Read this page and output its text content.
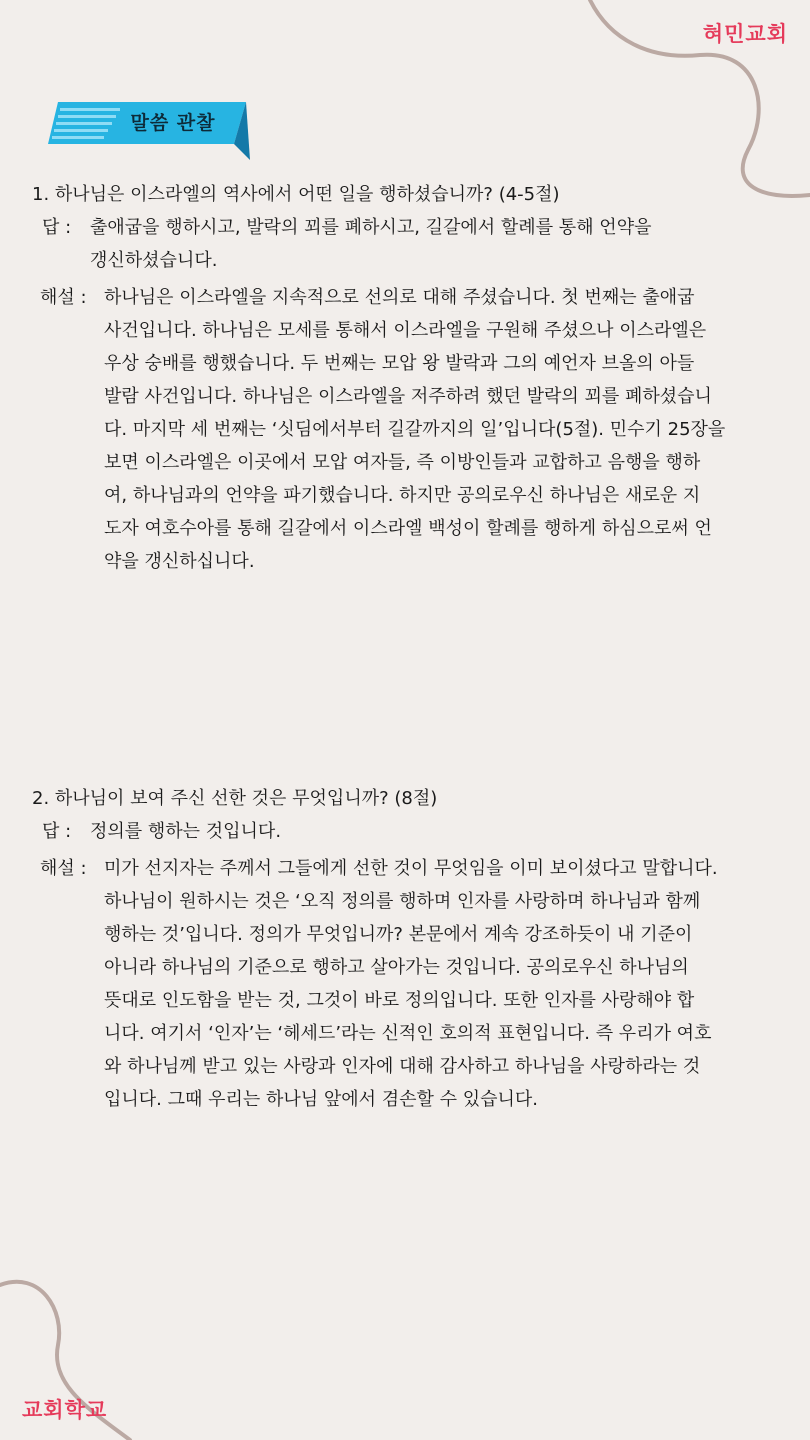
혀민교회
말씀 관찰

1. 하나님은 이스라엘의 역사에서 어떤 일을 행하셨습니까? (4-5절)

답 :	출애굽을 행하시고, 발락의 꾀를 폐하시고, 길갈에서 할례를 통해 언약을
갱신하셨습니다.
해설 : 하나님은 이스라엘을 지속적으로 선의로 대해 주셨습니다. 첫 번째는 출애굽
사건입니다. 하나님은 모세를 통해서 이스라엘을 구원해 주셨으나 이스라엘은
우상 숭배를 행했습니다. 두 번째는 모압 왕 발락과 그의 예언자 브올의 아들
발람 사건입니다. 하나님은 이스라엘을 저주하려 했던 발락의 꾀를 폐하셨습니
다. 마지막 세 번째는 ‘싯딤에서부터 길갈까지의 일’입니다(5절). 민수기 25장을
보면 이스라엘은 이곳에서 모압 여자들, 즉 이방인들과 교합하고 음행을 행하
여, 하나님과의 언약을 파기했습니다. 하지만 공의로우신 하나님은 새로운 지
도자 여호수아를 통해 길갈에서 이스라엘 백성이 할례를 행하게 하심으로써 언
약을 갱신하십니다.

2. 하나님이 보여 주신 선한 것은 무엇입니까? (8절)

답 :	정의를 행하는 것입니다.
해설 : 미가 선지자는 주께서 그들에게 선한 것이 무엇임을 이미 보이셨다고 말합니다.
하나님이 원하시는 것은 ‘오직 정의를 행하며 인자를 사랑하며 하나님과 함께
행하는 것’입니다. 정의가 무엇입니까? 본문에서 계속 강조하듯이 내 기준이
아니라 하나님의 기준으로 행하고 살아가는 것입니다. 공의로우신 하나님의
뜻대로 인도함을 받는 것, 그것이 바로 정의입니다. 또한 인자를 사랑해야 합
니다. 여기서 ‘인자’는 ‘헤세드’라는 신적인 호의적 표현입니다. 즉 우리가 여호
와 하나님께 받고 있는 사랑과 인자에 대해 감사하고 하나님을 사랑하라는 것
입니다. 그때 우리는 하나님 앞에서 겸손할 수 있습니다.
교회학교
